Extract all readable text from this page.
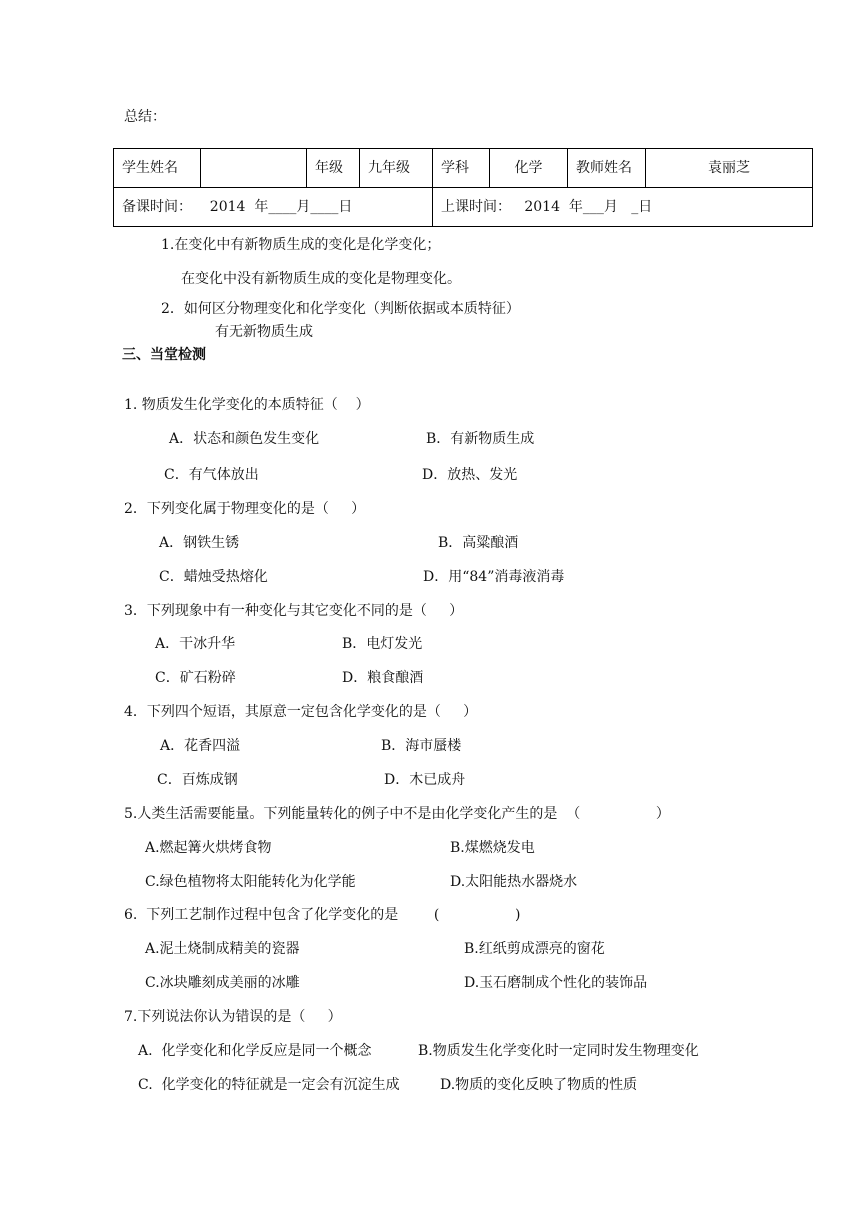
总结：
学生姓名		年级	九年级	学科	化学	教师姓名	袁丽芝
备课时间：    2014  年____月____日				上课时间：   2014  年___月   _日			
1.在变化中有新物质生成的变化是化学变化；
在变化中没有新物质生成的变化是物理变化。
2．如何区分物理变化和化学变化（判断依据或本质特征）
有无新物质生成
三、当堂检测
1. 物质发生化学变化的本质特征（    ）
A．状态和颜色发生变化	B．有新物质生成
C．有气体放出	D．放热、发光
2．下列变化属于物理变化的是（     ）
A．钢铁生锈	B．高粱酿酒
C．蜡烛受热熔化	D．用“84”消毒液消毒
3．下列现象中有一种变化与其它变化不同的是（     ）
A．干冰升华	B．电灯发光
C．矿石粉碎	D．粮食酿酒
4．下列四个短语，其原意一定包含化学变化的是（     ）
A．花香四溢	B．海市蜃楼
C．百炼成钢	D．木已成舟
5.人类生活需要能量。下列能量转化的例子中不是由化学变化产生的是  （                 ）
A.燃起篝火烘烤食物	B.煤燃烧发电
C.绿色植物将太阳能转化为化学能	D.太阳能热水器烧水
6.  下列工艺制作过程中包含了化学变化的是        (                 )
A.泥土烧制成精美的瓷器	B.红纸剪成漂亮的窗花
C.冰块雕刻成美丽的冰雕	D.玉石磨制成个性化的装饰品
7.下列说法你认为错误的是（     ）
A.  化学变化和化学反应是同一个概念	B.物质发生化学变化时一定同时发生物理变化
C.  化学变化的特征就是一定会有沉淀生成	D.物质的变化反映了物质的性质
